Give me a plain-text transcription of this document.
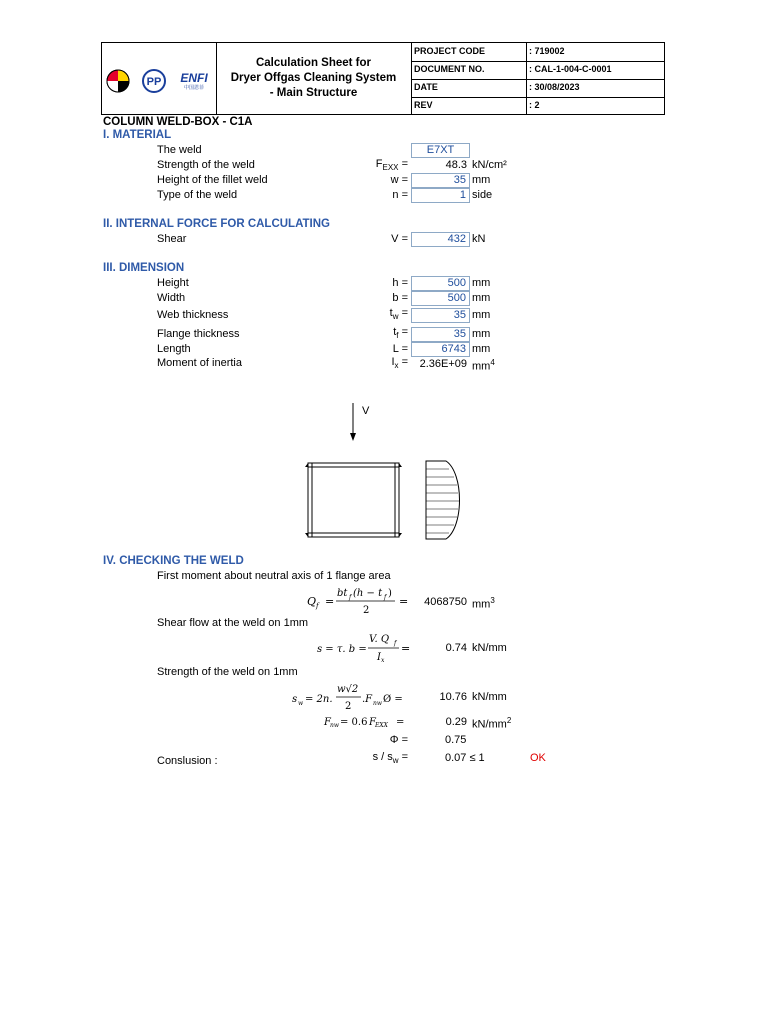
PP ENFI
中国恩菲
Calculation Sheet for
Dryer Offgas Cleaning System
- Main Structure
PROJECT CODE	: 719002
DOCUMENT NO.	: CAL-1-004-C-0001
DATE	: 30/08/2023
REV	: 2
COLUMN WELD-BOX - C1A
I. MATERIAL
The weld	E7XT
Strength of the weld	$F_{EXX}$ =	48.3 kN/cm²
Height of the fillet weld	w =	35 mm
Type of the weld	n =	1 side
II. INTERNAL FORCE FOR CALCULATING
Shear	V =	432 kN
III. DIMENSION
Height	h =	500 mm
Width	b =	500 mm
Web thickness	$t_w$ =	35 mm
Flange thickness	$t_f$ =	35 mm
Length	L =	6743 mm
Moment of inertia	$I_x$ =	2.36E+09 $mm^4$
V
IV. CHECKING THE WELD
First moment about neutral axis of 1 flange area
Q f =
bt f (h − t f )
2
=	4068750 $mm^3$
Shear flow at the weld on 1mm
s = τ. b =
V. Q f
I x
=	0.74 kN/mm
Strength of the weld on 1mm
s w = 2n.
w√2
2
.F nw Ø =	10.76 kN/mm
F nw = 0.6 F EXX =	0.29 $kN/mm^2$
Φ =	0.75
Conslusion :	s / $s_w$ =	0.07 ≤ 1	OK
